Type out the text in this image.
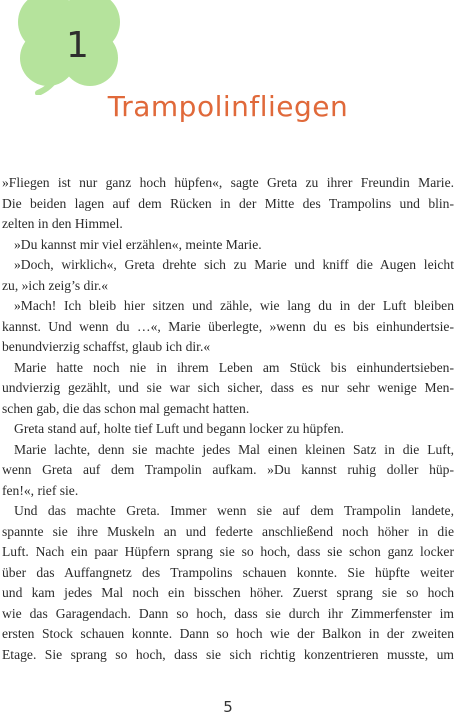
1
Trampolinfliegen
»Fliegen ist nur ganz hoch hüpfen«, sagte Greta zu ihrer Freundin Marie.
Die beiden lagen auf dem Rücken in der Mitte des Trampolins und blin-
zelten in den Himmel.
»Du kannst mir viel erzählen«, meinte Marie.
»Doch, wirklich«, Greta drehte sich zu Marie und kniff die Augen leicht
zu, »ich zeig’s dir.«
»Mach! Ich bleib hier sitzen und zähle, wie lang du in der Luft bleiben
kannst. Und wenn du …«, Marie überlegte, »wenn du es bis einhundertsie-
benundvierzig schaffst, glaub ich dir.«
Marie hatte noch nie in ihrem Leben am Stück bis einhundertsieben-
undvierzig gezählt, und sie war sich sicher, dass es nur sehr wenige Men-
schen gab, die das schon mal gemacht hatten.
Greta stand auf, holte tief Luft und begann locker zu hüpfen.
Marie lachte, denn sie machte jedes Mal einen kleinen Satz in die Luft,
wenn Greta auf dem Trampolin aufkam. »Du kannst ruhig doller hüp-
fen!«, rief sie.
Und das machte Greta. Immer wenn sie auf dem Trampolin landete,
spannte sie ihre Muskeln an und federte anschließend noch höher in die
Luft. Nach ein paar Hüpfern sprang sie so hoch, dass sie schon ganz locker
über das Auffangnetz des Trampolins schauen konnte. Sie hüpfte weiter
und kam jedes Mal noch ein bisschen höher. Zuerst sprang sie so hoch
wie das Garagendach. Dann so hoch, dass sie durch ihr Zimmerfenster im
ersten Stock schauen konnte. Dann so hoch wie der Balkon in der zweiten
Etage. Sie sprang so hoch, dass sie sich richtig konzentrieren musste, um
5
